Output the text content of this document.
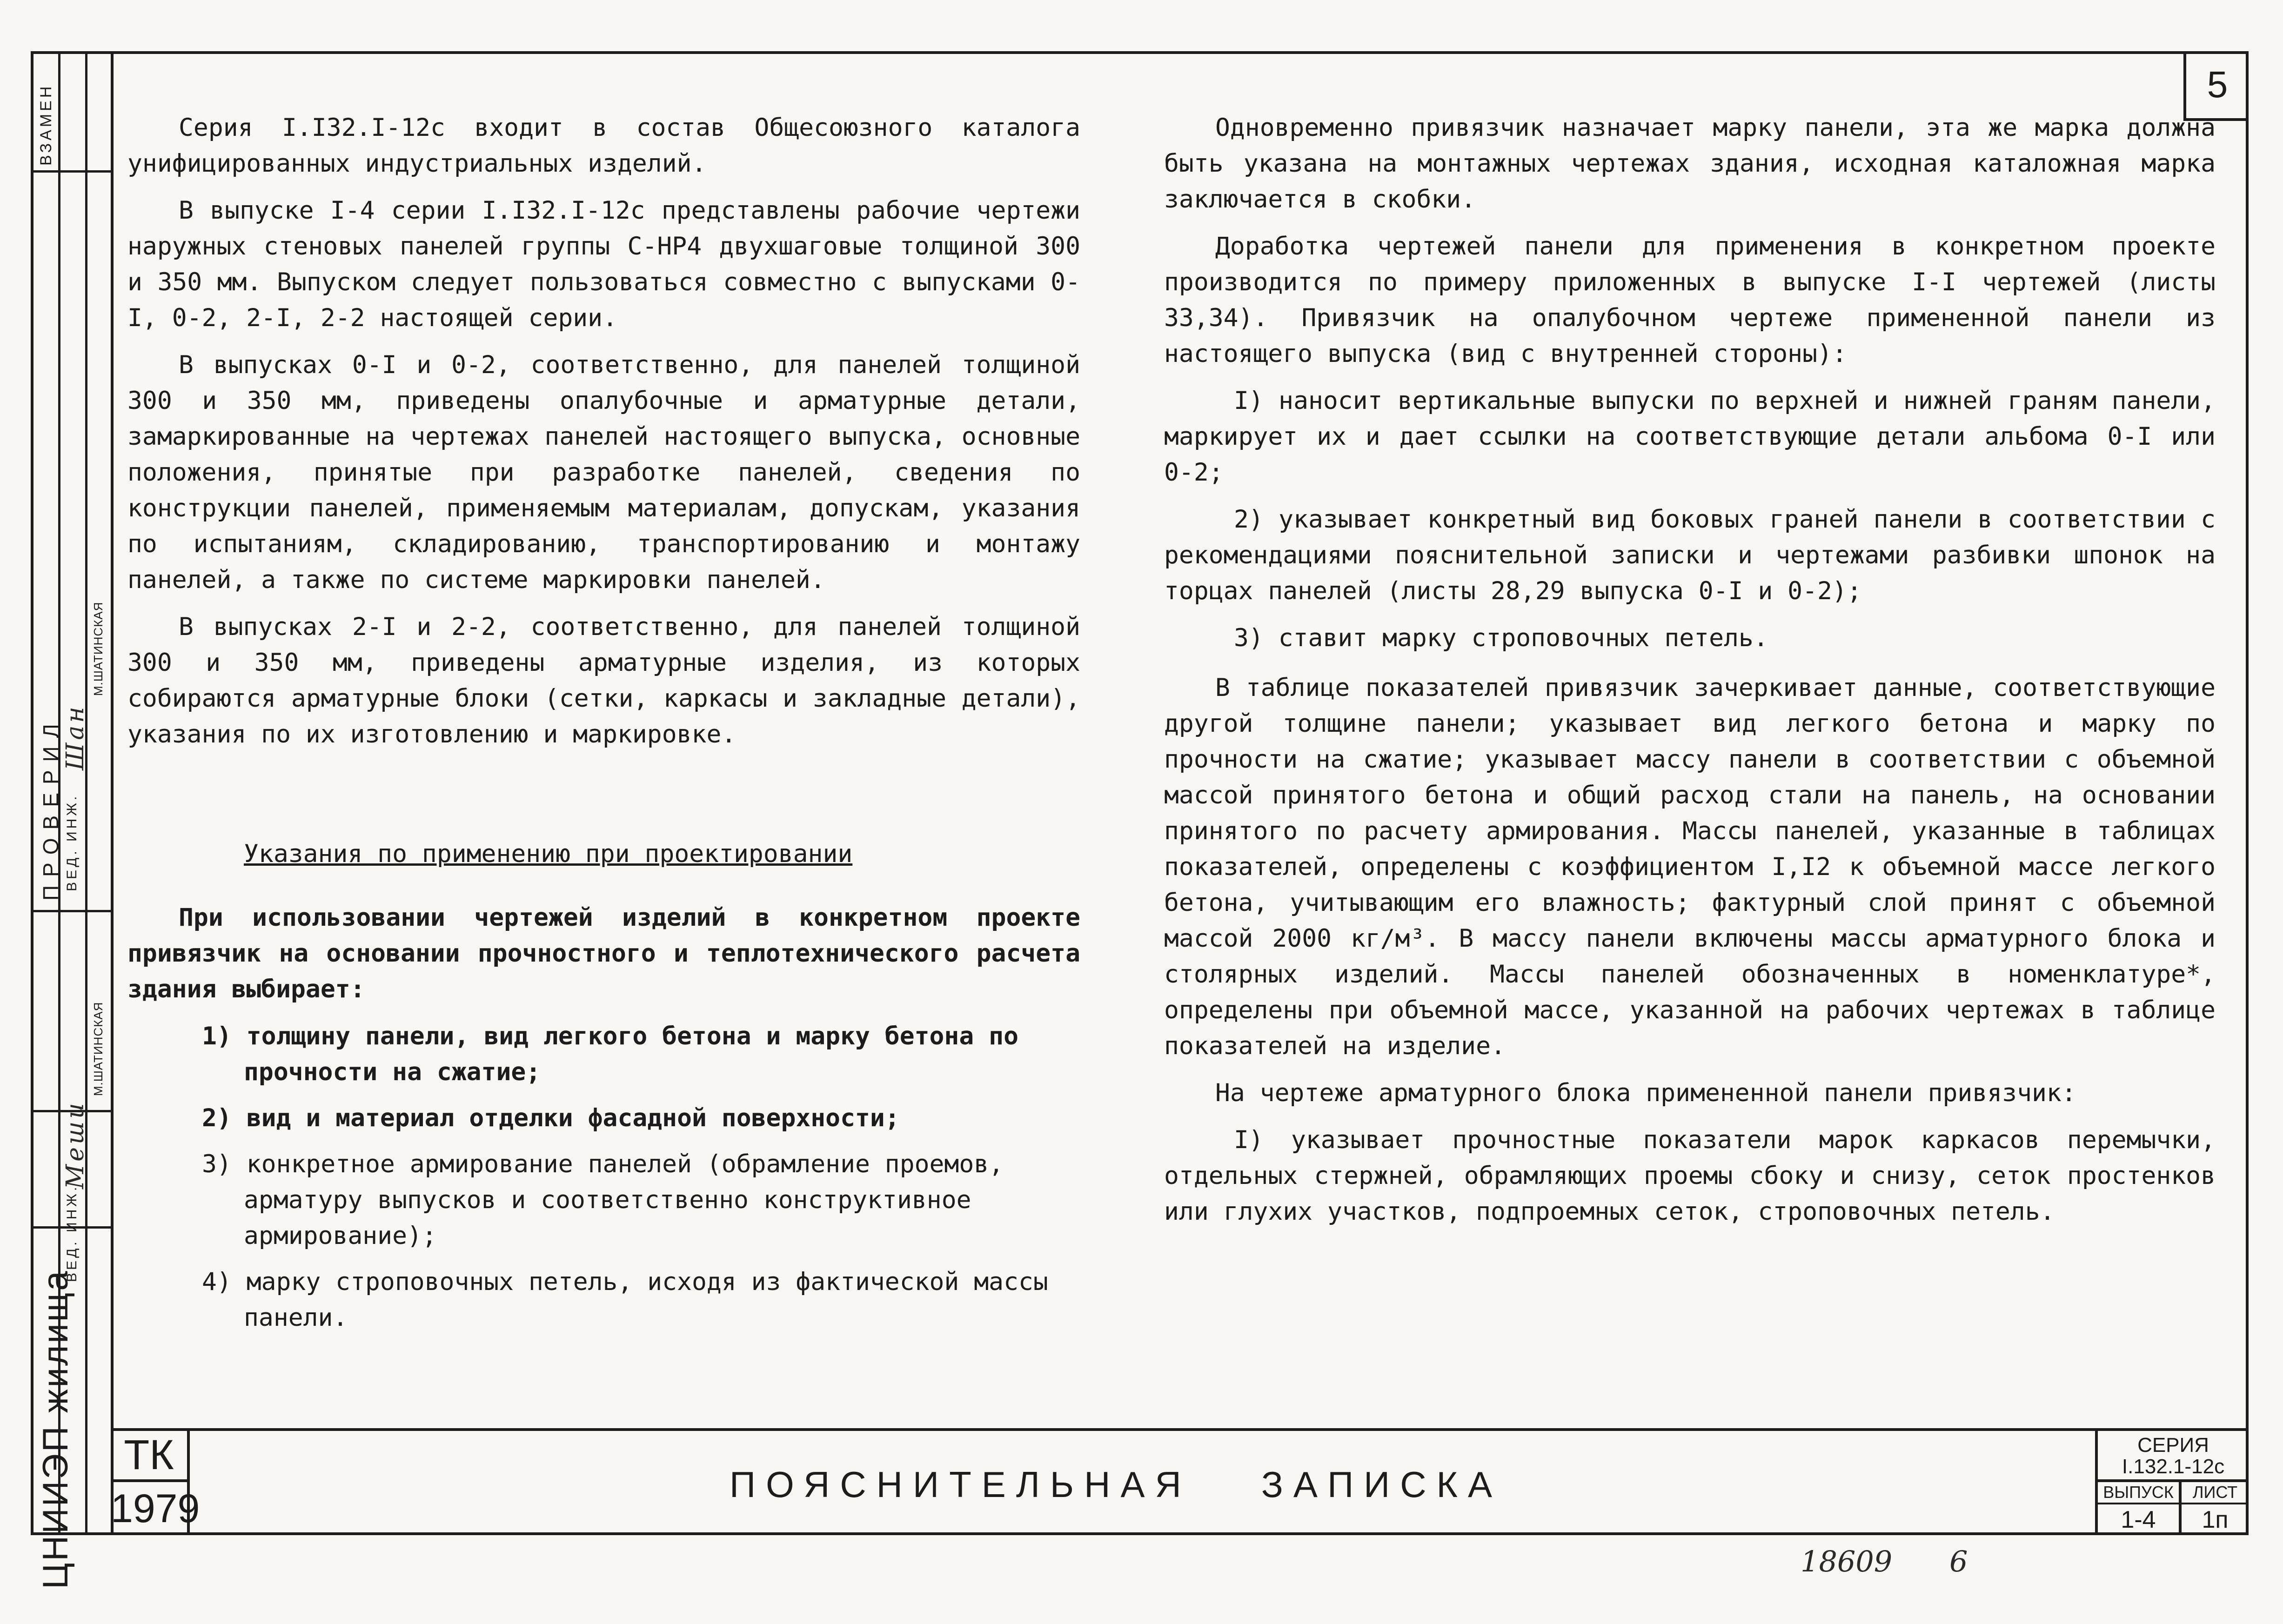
ВЗАМЕН
ПРОВЕРИЛ ВЕД. ИНЖ.
Шан
М.ШАТИНСКАЯ
М.ШАТИНСКАЯ
Меши
ВЕД. ИНЖ.
ЦНИИЭП жилища
5

Серия I.I32.I-12с входит в состав Общесоюзного каталога унифицированных индустриальных изделий.

В выпуске I-4 серии I.I32.I-12с представлены рабочие чертежи наружных стеновых панелей группы С-НР4 двухшаговые толщиной 300 и 350 мм. Выпуском следует пользоваться совместно с выпусками 0-I, 0-2, 2-I, 2-2 настоящей серии.

В выпусках 0-I и 0-2, соответственно, для панелей толщиной 300 и 350 мм, приведены опалубочные и арматурные детали, замаркированные на чертежах панелей настоящего выпуска, основные положения, принятые при разработке панелей, сведения по конструкции панелей, применяемым материалам, допускам, указания по испытаниям, складированию, транспортированию и монтажу панелей, а также по системе маркировки панелей.

В выпусках 2-I и 2-2, соответственно, для панелей толщиной 300 и 350 мм, приведены арматурные изделия, из которых собираются арматурные блоки (сетки, каркасы и закладные детали), указания по их изготовлению и маркировке.

Указания по применению при проектировании

При использовании чертежей изделий в конкретном проекте привязчик на основании прочностного и теплотехнического расчета здания выбирает:

1) толщину панели, вид легкого бетона и марку бетона по прочности на сжатие;

2) вид и материал отделки фасадной поверхности;

3) конкретное армирование панелей (обрамление проемов, арматуру выпусков и соответственно конструктивное армирование);

4) марку строповочных петель, исходя из фактической массы панели.

Одновременно привязчик назначает марку панели, эта же марка должна быть указана на монтажных чертежах здания, исходная каталожная марка заключается в скобки.

Доработка чертежей панели для применения в конкретном проекте производится по примеру приложенных в выпуске I-I чертежей (листы 33,34). Привязчик на опалубочном чертеже примененной панели из настоящего выпуска (вид с внутренней стороны):

I) наносит вертикальные выпуски по верхней и нижней граням панели, маркирует их и дает ссылки на соответствующие детали альбома 0-I или 0-2;

2) указывает конкретный вид боковых граней панели в соответствии с рекомендациями пояснительной записки и чертежами разбивки шпонок на торцах панелей (листы 28,29 выпуска 0-I и 0-2);

3) ставит марку строповочных петель.

В таблице показателей привязчик зачеркивает данные, соответствующие другой толщине панели; указывает вид легкого бетона и марку по прочности на сжатие; указывает массу панели в соответствии с объемной массой принятого бетона и общий расход стали на панель, на основании принятого по расчету армирования. Массы панелей, указанные в таблицах показателей, определены с коэффициентом I,I2 к объемной массе легкого бетона, учитывающим его влажность; фактурный слой принят с объемной массой 2000 кг/м³. В массу панели включены массы арматурного блока и столярных изделий. Массы панелей обозначенных в номенклатуре*, определены при объемной массе, указанной на рабочих чертежах в таблице показателей на изделие.

На чертеже арматурного блока примененной панели привязчик:

I) указывает прочностные показатели марок каркасов перемычки, отдельных стержней, обрамляющих проемы сбоку и снизу, сеток простенков или глухих участков, подпроемных сеток, строповочных петель.

ТК
1979
ПОЯСНИТЕЛЬНАЯ ЗАПИСКА
СЕРИЯ
I.132.1-12с
ВЫПУСК
1-4
ЛИСТ
1п
18609 6
